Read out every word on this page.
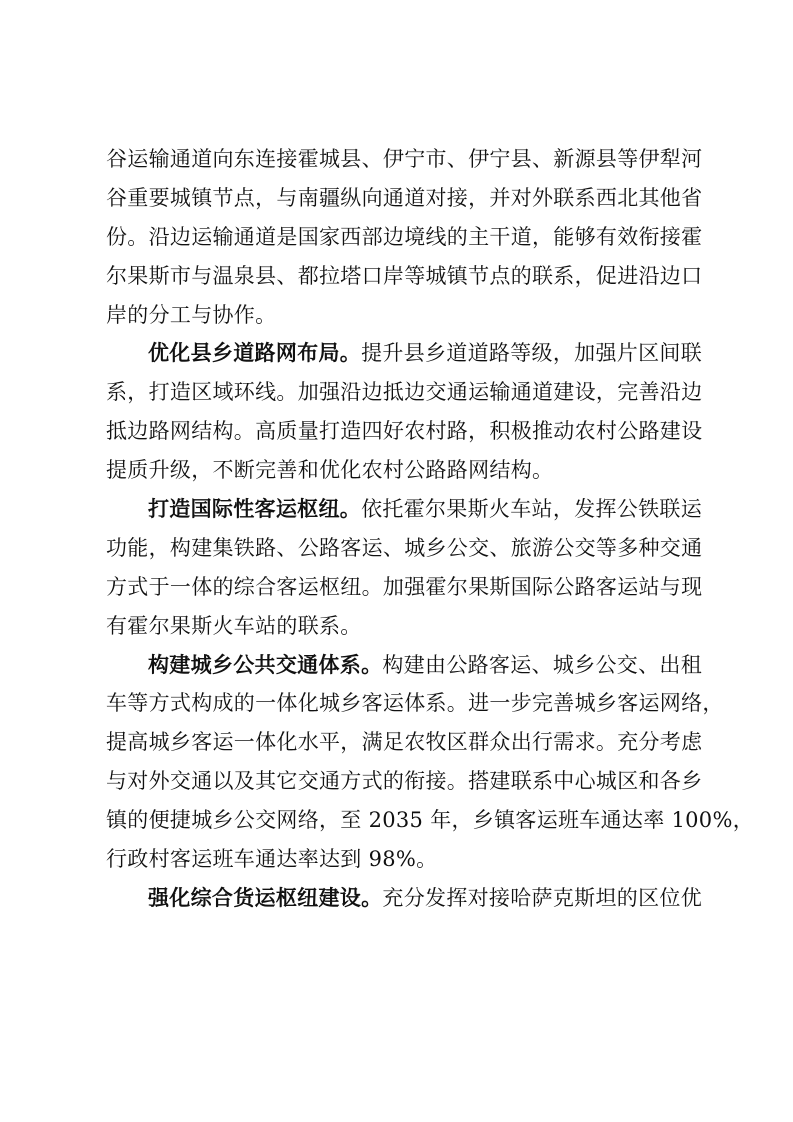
谷运输通道向东连接霍城县、伊宁市、伊宁县、新源县等伊犁河
谷重要城镇节点，与南疆纵向通道对接，并对外联系西北其他省
份。沿边运输通道是国家西部边境线的主干道，能够有效衔接霍
尔果斯市与温泉县、都拉塔口岸等城镇节点的联系，促进沿边口
岸的分工与协作。
优化县乡道路网布局。提升县乡道道路等级，加强片区间联
系，打造区域环线。加强沿边抵边交通运输通道建设，完善沿边
抵边路网结构。高质量打造四好农村路，积极推动农村公路建设
提质升级，不断完善和优化农村公路路网结构。
打造国际性客运枢纽。依托霍尔果斯火车站，发挥公铁联运
功能，构建集铁路、公路客运、城乡公交、旅游公交等多种交通
方式于一体的综合客运枢纽。加强霍尔果斯国际公路客运站与现
有霍尔果斯火车站的联系。
构建城乡公共交通体系。构建由公路客运、城乡公交、出租
车等方式构成的一体化城乡客运体系。进一步完善城乡客运网络，
提高城乡客运一体化水平，满足农牧区群众出行需求。充分考虑
与对外交通以及其它交通方式的衔接。搭建联系中心城区和各乡
镇的便捷城乡公交网络，至 2035 年，乡镇客运班车通达率 100%，
行政村客运班车通达率达到 98%。
强化综合货运枢纽建设。充分发挥对接哈萨克斯坦的区位优
